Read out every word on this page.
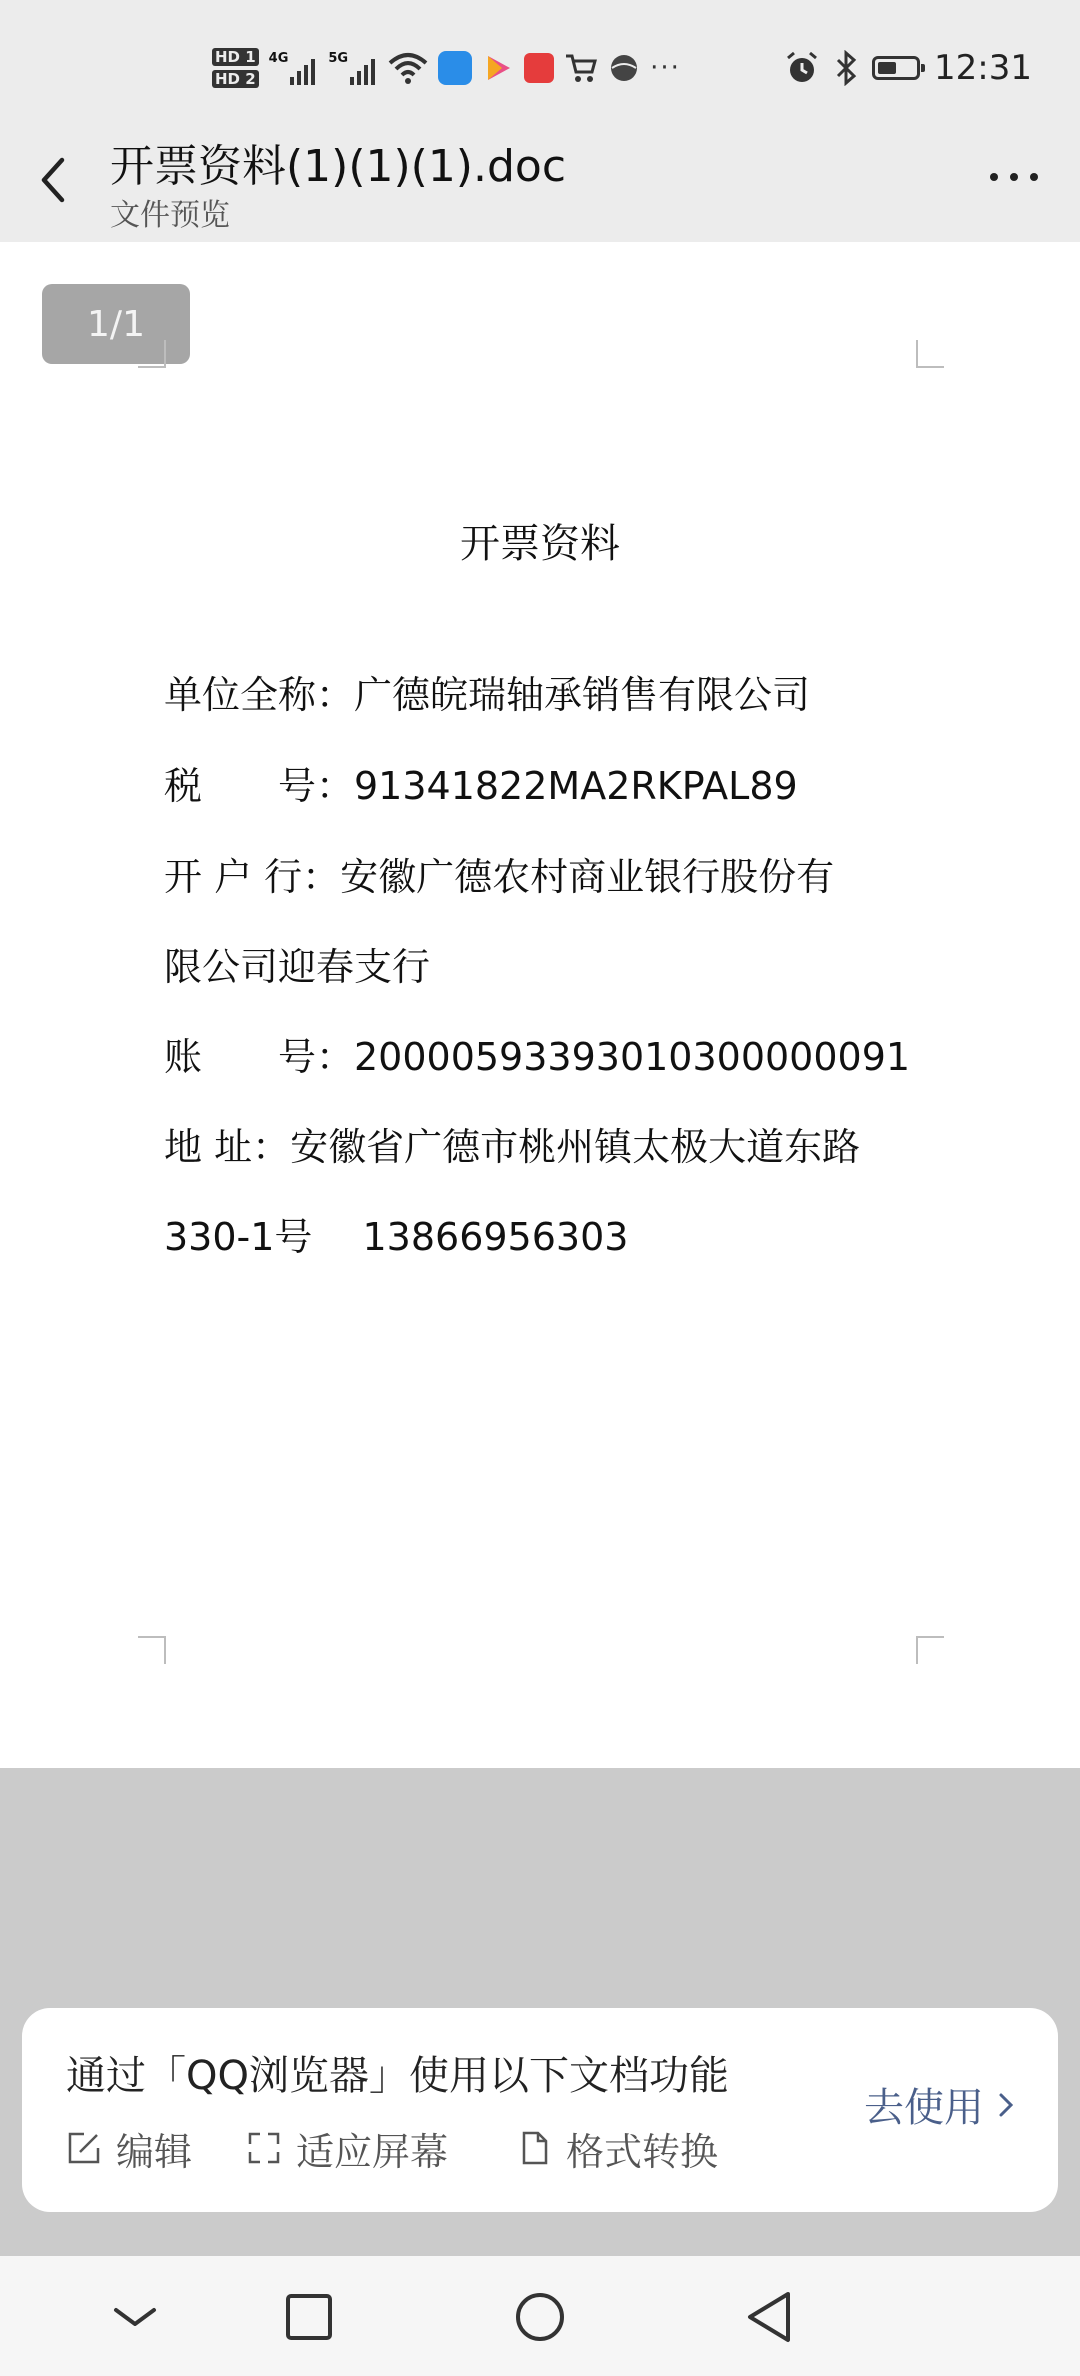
HD 1
HD 2
4G	5G	···	12:31
开票资料(1)(1)(1).doc
文件预览
1/1
开票资料
单位全称：广德皖瑞轴承销售有限公司
税　　号：91341822MA2RKPAL89
开 户 行：安徽广德农村商业银行股份有
限公司迎春支行
账　　号：20000593393010300000091
地 址：安徽省广德市桃州镇太极大道东路
330-1号　 13866956303
通过「QQ浏览器」使用以下文档功能
编辑	适应屏幕	格式转换
去使用
